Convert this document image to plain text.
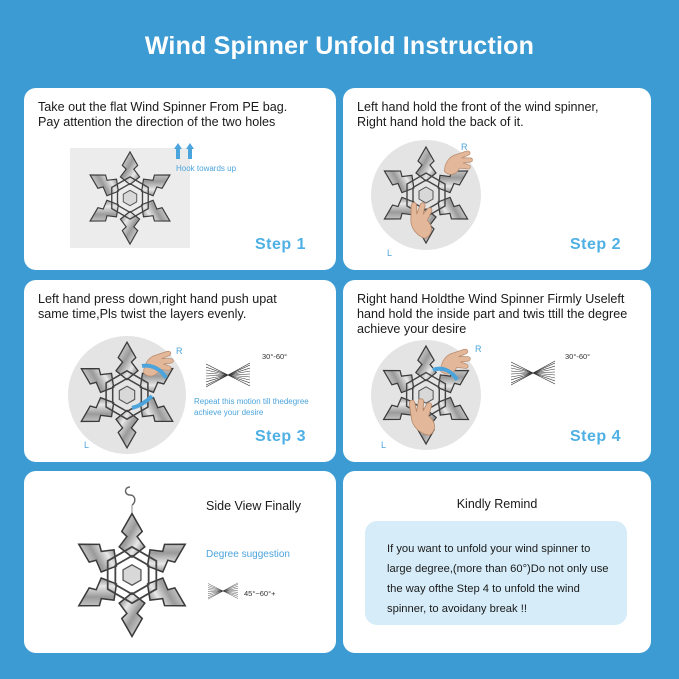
Wind Spinner Unfold Instruction
Take out the flat Wind Spinner From PE bag.
Pay attention the direction of the two holes
Hook towards up
Step 1
Left hand hold the front of the wind spinner,
Right hand hold the back of it.
R
L	Step 2
Left hand press down,right hand push upat
same time,Pls twist the layers evenly.
R
L
30°-60°
Repeat this motion till thedegree
achieve your desire
Step 3
Right hand Holdthe Wind Spinner Firmly Useleft
hand hold the inside part and twis ttill the degree
achieve your desire
R
L
30°-60°
Step 4
Side View Finally
Degree suggestion
45°~60°+
Kindly Remind
If you want to unfold your wind spinner to large degree,(more than 60°)Do not only use the way ofthe Step 4 to unfold the wind spinner, to avoidany break !!
